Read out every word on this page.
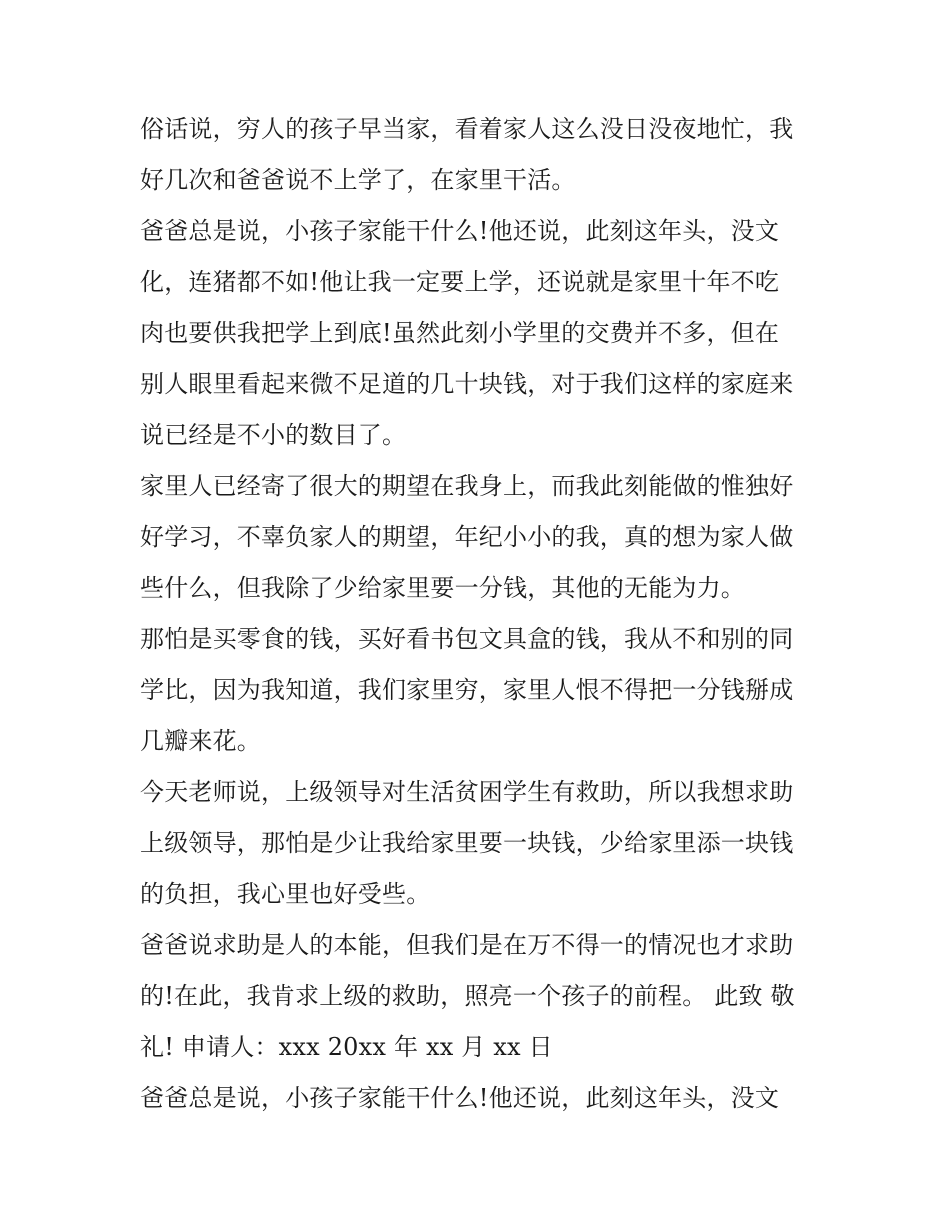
俗话说，穷人的孩子早当家，看着家人这么没日没夜地忙，我
好几次和爸爸说不上学了，在家里干活。
爸爸总是说，小孩子家能干什么!他还说，此刻这年头，没文
化，连猪都不如!他让我一定要上学，还说就是家里十年不吃
肉也要供我把学上到底!虽然此刻小学里的交费并不多，但在
别人眼里看起来微不足道的几十块钱，对于我们这样的家庭来
说已经是不小的数目了。
家里人已经寄了很大的期望在我身上，而我此刻能做的惟独好
好学习，不辜负家人的期望，年纪小小的我，真的想为家人做
些什么，但我除了少给家里要一分钱，其他的无能为力。
那怕是买零食的钱，买好看书包文具盒的钱，我从不和别的同
学比，因为我知道，我们家里穷，家里人恨不得把一分钱掰成
几瓣来花。
今天老师说，上级领导对生活贫困学生有救助，所以我想求助
上级领导，那怕是少让我给家里要一块钱，少给家里添一块钱
的负担，我心里也好受些。
爸爸说求助是人的本能，但我们是在万不得一的情况也才求助
的!在此，我肯求上级的救助，照亮一个孩子的前程。 此致 敬
礼! 申请人：xxx 20xx 年 xx 月 xx 日
爸爸总是说，小孩子家能干什么!他还说，此刻这年头，没文
